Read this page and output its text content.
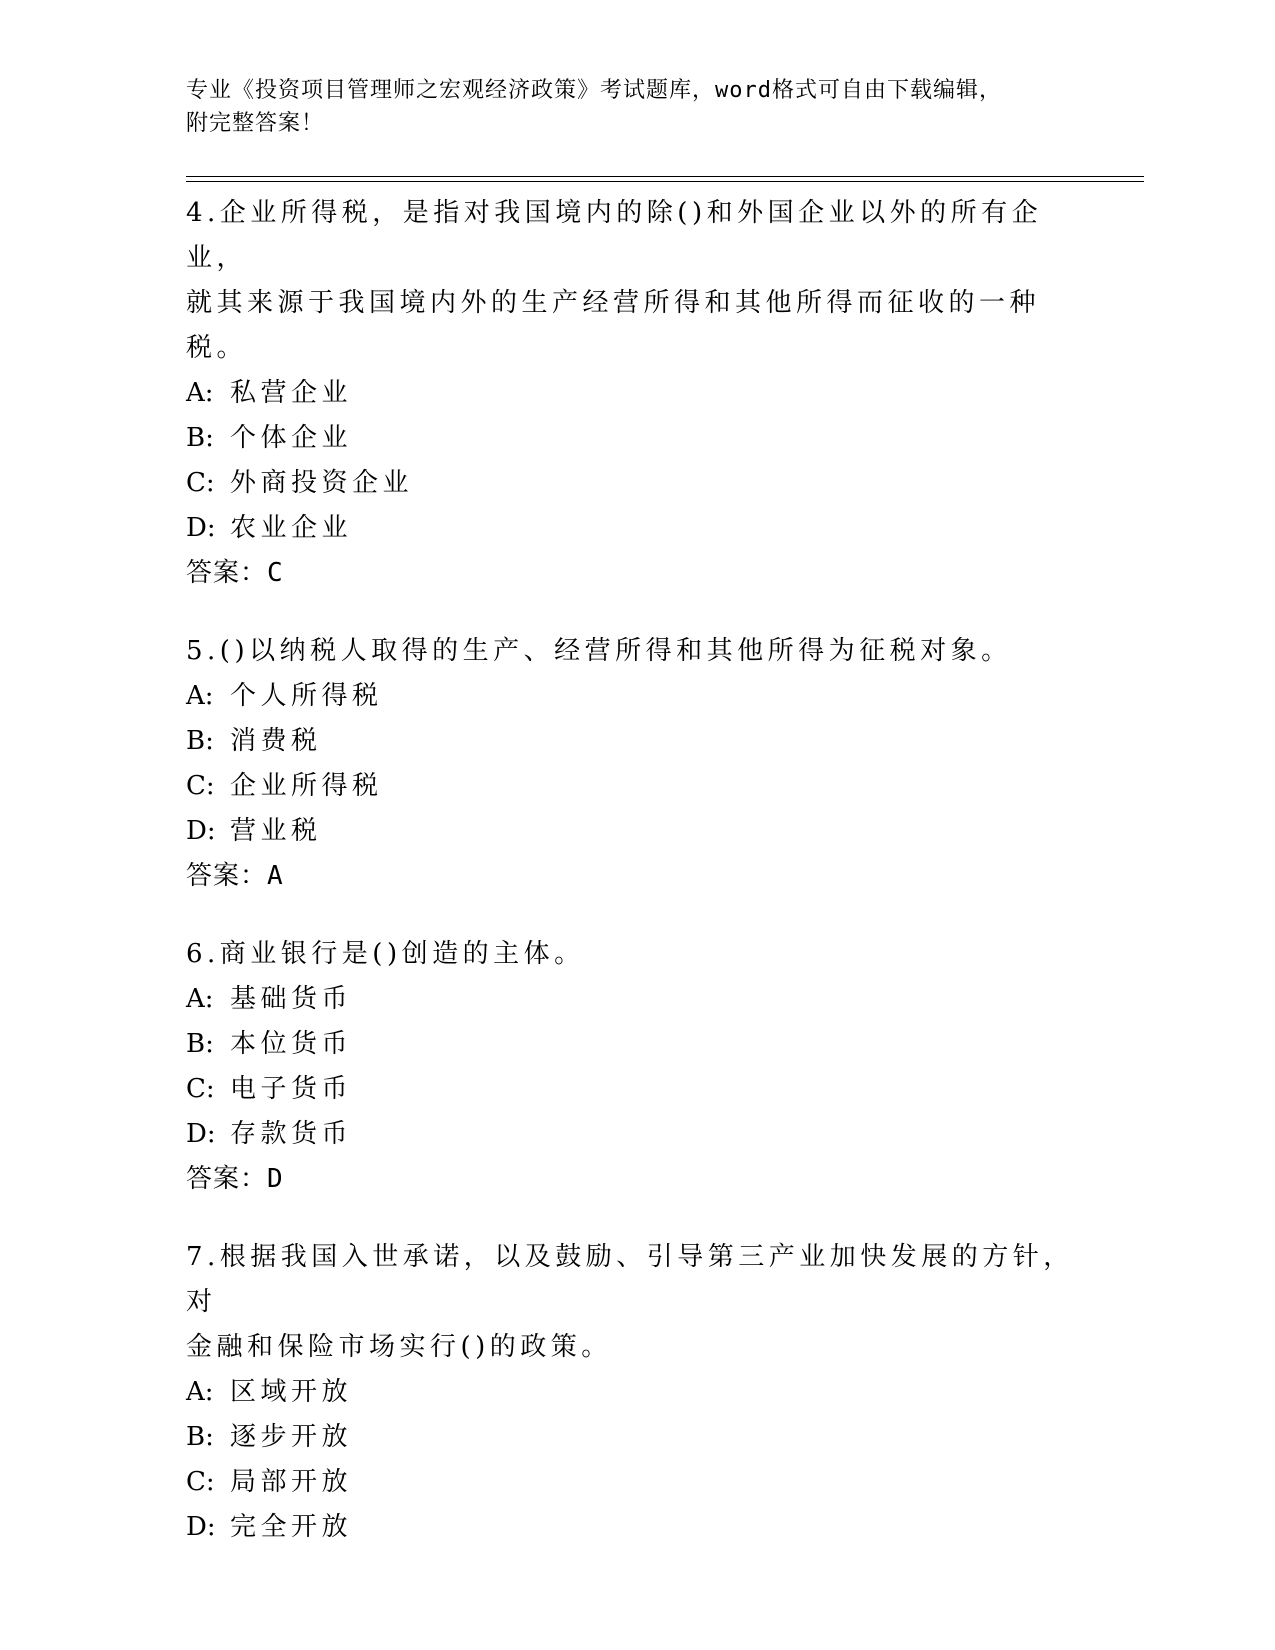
专业《投资项目管理师之宏观经济政策》考试题库，word格式可自由下载编辑，
附完整答案！

4.企业所得税，是指对我国境内的除()和外国企业以外的所有企业，

就其来源于我国境内外的生产经营所得和其他所得而征收的一种税。

A: 私营企业

B: 个体企业

C: 外商投资企业

D: 农业企业

答案：C

5.()以纳税人取得的生产、经营所得和其他所得为征税对象。

A: 个人所得税

B: 消费税

C: 企业所得税

D: 营业税

答案：A

6.商业银行是()创造的主体。

A: 基础货币

B: 本位货币

C: 电子货币

D: 存款货币

答案：D

7.根据我国入世承诺，以及鼓励、引导第三产业加快发展的方针，对

金融和保险市场实行()的政策。

A: 区域开放

B: 逐步开放

C: 局部开放

D: 完全开放
